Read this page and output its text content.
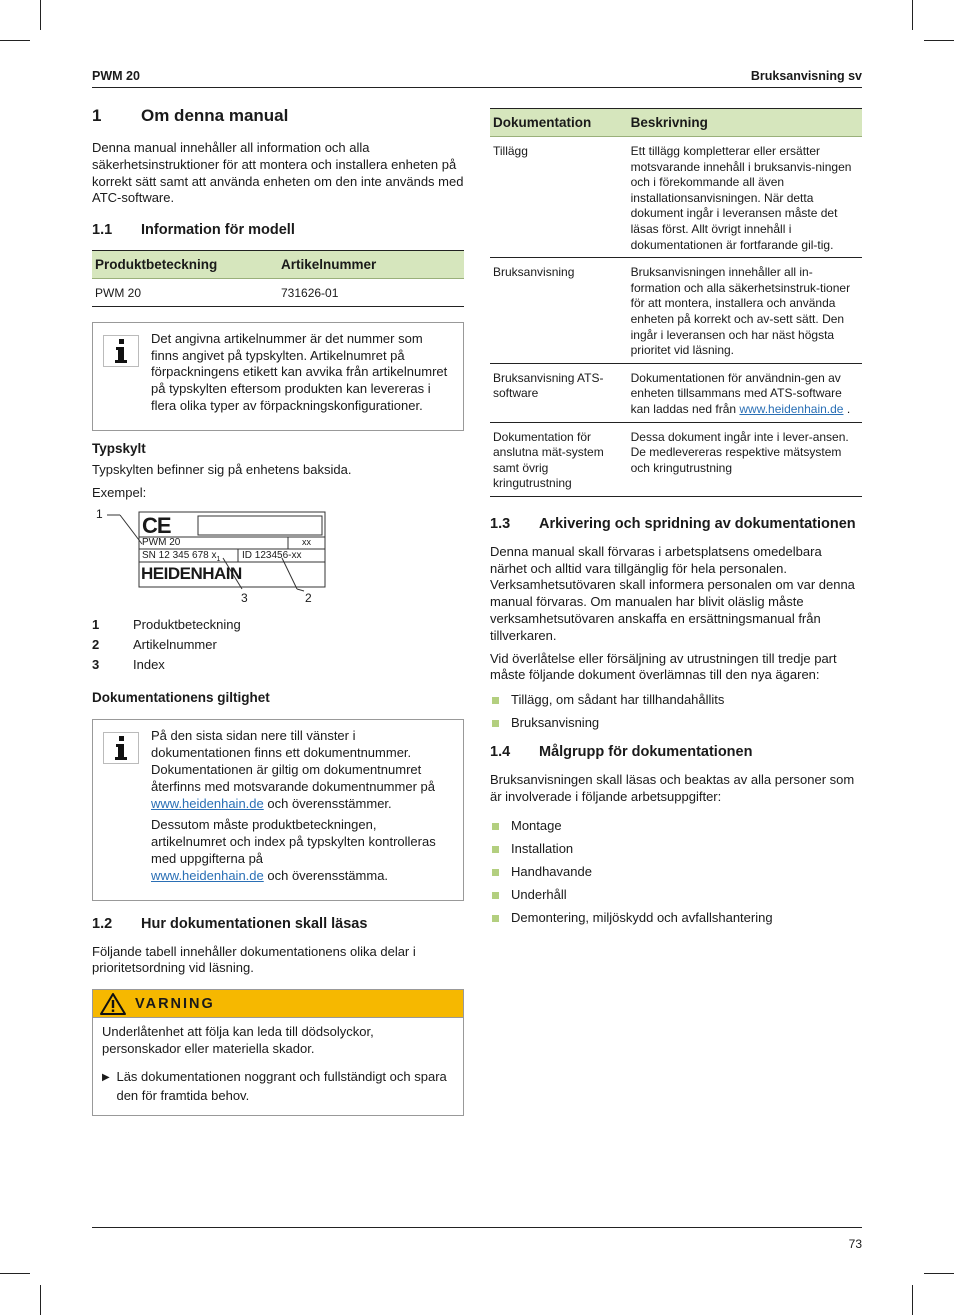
PWM 20	Bruksanvisning sv
1	Om denna manual

Denna manual innehåller all information och alla säkerhetsinstruktioner för att montera och installera enheten på korrekt sätt samt att använda enheten om den inte används med ATC-software.

1.1	Information för modell
Produktbeteckning	Artikelnummer
PWM 20	731626-01

Det angivna artikelnummer är det nummer som finns angivet på typskylten. Artikelnumret på förpackningens etikett kan avvika från artikelnumret på typskylten eftersom produkten kan levereras i flera olika typer av förpackningskonfigurationer.

Typskylt

Typskylten befinner sig på enhetens baksida.

Exempel:

CE
PWM 20	xx
SN 12 345 678 $x_1$ ID 123456-xx
HEIDENHAIN
1
3	2
1	Produktbeteckning
2	Artikelnummer
3	Index
Dokumentationens giltighet

På den sista sidan nere till vänster i dokumentationen finns ett dokumentnummer. Dokumentationen är giltig om dokumentnumret återfinns med motsvarande dokumentnummer på www.heidenhain.de och överensstämmer.

Dessutom måste produktbeteckningen, artikelnumret och index på typskylten kontrolleras med uppgifterna på
www.heidenhain.de och överensstämma.

1.2	Hur dokumentationen skall läsas

Följande tabell innehåller dokumentationens olika delar i prioritetsordning vid läsning.

VARNING

Underlåtenhet att följa kan leda till dödsolyckor, personskador eller materiella skador.

▶ Läs dokumentationen noggrant och fullständigt och spara den för framtida behov.
Dokumentation	Beskrivning
Tillägg	Ett tillägg kompletterar eller ersätter motsvarande innehåll i bruksanvis-ningen och i förekommande all även installationsanvisningen. När detta dokument ingår i leveransen måste det läsas först. Allt övrigt innehåll i dokumentationen är fortfarande gil-tig.
Bruksanvisning	Bruksanvisningen innehåller all in-formation och alla säkerhetsinstruk-tioner för att montera, installera och använda enheten på korrekt och av-sett sätt. Den ingår i leveransen och har näst högsta prioritet vid läsning.
Bruksanvisning ATS-software	Dokumentationen för användnin-gen av enheten tillsammans med ATS-software kan laddas ned från www.heidenhain.de .
Dokumentation för anslutna mät-system samt övrig kringutrustning	Dessa dokument ingår inte i lever-ansen. De medlevereras respektive mätsystem och kringutrustning
1.3	Arkivering och spridning av dokumentationen

Denna manual skall förvaras i arbetsplatsens omedelbara närhet och alltid vara tillgänglig för hela personalen. Verksamhetsutövaren skall informera personalen om var denna manual förvaras. Om manualen har blivit oläslig måste verksamhetsutövaren anskaffa en ersättningsmanual från tillverkaren.

Vid överlåtelse eller försäljning av utrustningen till tredje part måste följande dokument överlämnas till den nya ägaren:

Tillägg, om sådant har tillhandahållits
Bruksanvisning
1.4	Målgrupp för dokumentationen

Bruksanvisningen skall läsas och beaktas av alla personer som är involverade i följande arbetsuppgifter:

Montage
Installation
Handhavande
Underhåll
Demontering, miljöskydd och avfallshantering
73
